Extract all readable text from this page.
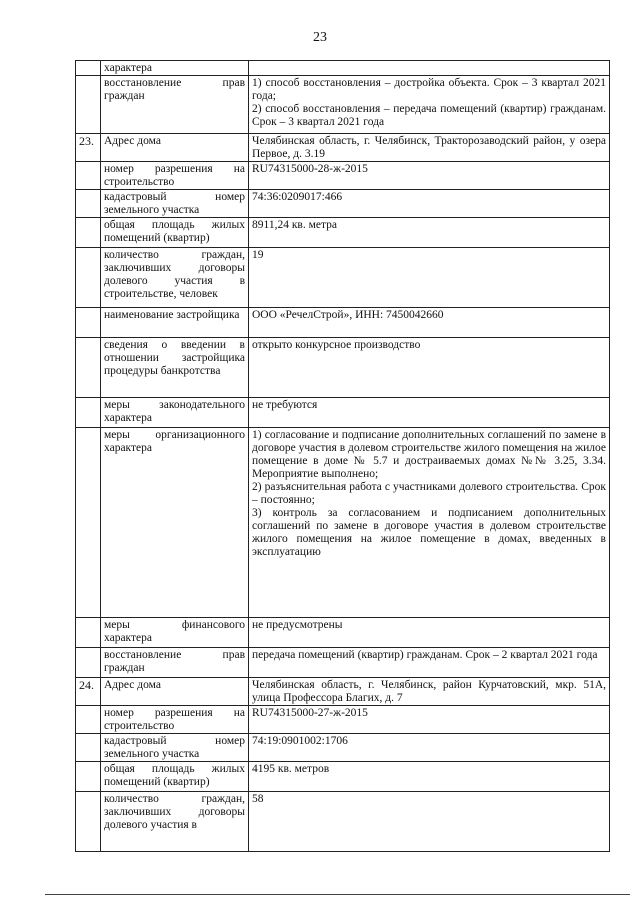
23
	характера	

	восстановление прав граждан	1) способ восстановления – достройка объекта. Срок – 3 квартал 2021 года;
2) способ восстановления – передача помещений (квартир) гражданам. Срок – 3 квартал 2021 года

23.	Адрес дома	Челябинская область, г. Челябинск, Тракторозаводский район, у озера Первое, д. 3.19

	номер разрешения на строительство	RU74315000-28-ж-2015

	кадастровый номер земельного участка	74:36:0209017:466

	общая площадь жилых помещений (квартир)	8911,24 кв. метра

	количество граждан, заключивших договоры долевого участия в строительстве, человек	19

	наименование застройщика	ООО «РечелСтрой», ИНН: 7450042660

	сведения о введении в отношении застройщика процедуры банкротства	открыто конкурсное производство

	меры законодательного характера	не требуются

	меры организационного характера	1) согласование и подписание дополнительных соглашений по замене в договоре участия в долевом строительстве жилого помещения на жилое помещение в доме № 5.7 и достраиваемых домах №№ 3.25, 3.34. Мероприятие выполнено;
2) разъяснительная работа с участниками долевого строительства. Срок – постоянно;
3) контроль за согласованием и подписанием дополнительных соглашений по замене в договоре участия в долевом строительстве жилого помещения на жилое помещение в домах, введенных в эксплуатацию

	меры финансового характера	не предусмотрены

	восстановление прав граждан	передача помещений (квартир) гражданам. Срок – 2 квартал 2021 года

24.	Адрес дома	Челябинская область, г. Челябинск, район Курчатовский, мкр. 51А, улица Профессора Благих, д. 7

	номер разрешения на строительство	RU74315000-27-ж-2015

	кадастровый номер земельного участка	74:19:0901002:1706

	общая площадь жилых помещений (квартир)	4195 кв. метров

	количество граждан, заключивших договоры долевого участия в	58
